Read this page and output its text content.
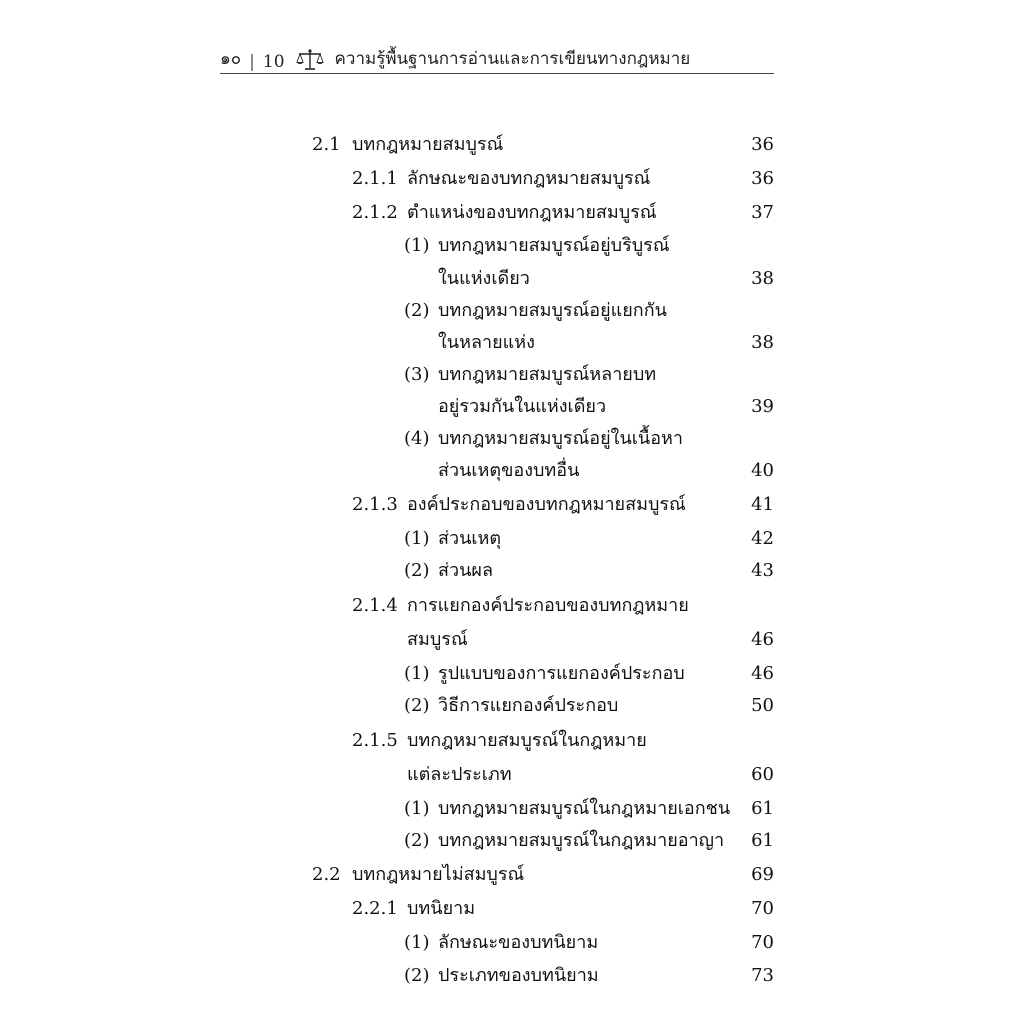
๑๐ | 10	ความรู้พื้นฐานการอ่านและการเขียนทางกฎหมาย
2.1 บทกฎหมายสมบูรณ์	36
2.1.1 ลักษณะของบทกฎหมายสมบูรณ์	36
2.1.2 ตำแหน่งของบทกฎหมายสมบูรณ์	37
(1) บทกฎหมายสมบูรณ์อยู่บริบูรณ์
ในแห่งเดียว	38
(2) บทกฎหมายสมบูรณ์อยู่แยกกัน
ในหลายแห่ง	38
(3) บทกฎหมายสมบูรณ์หลายบท
อยู่รวมกันในแห่งเดียว	39
(4) บทกฎหมายสมบูรณ์อยู่ในเนื้อหา
ส่วนเหตุของบทอื่น	40
2.1.3 องค์ประกอบของบทกฎหมายสมบูรณ์	41
(1) ส่วนเหตุ	42
(2) ส่วนผล	43
2.1.4 การแยกองค์ประกอบของบทกฎหมาย
สมบูรณ์	46
(1) รูปแบบของการแยกองค์ประกอบ	46
(2) วิธีการแยกองค์ประกอบ	50
2.1.5 บทกฎหมายสมบูรณ์ในกฎหมาย
แต่ละประเภท	60
(1) บทกฎหมายสมบูรณ์ในกฎหมายเอกชน	61
(2) บทกฎหมายสมบูรณ์ในกฎหมายอาญา	61
2.2 บทกฎหมายไม่สมบูรณ์	69
2.2.1 บทนิยาม	70
(1) ลักษณะของบทนิยาม	70
(2) ประเภทของบทนิยาม	73
